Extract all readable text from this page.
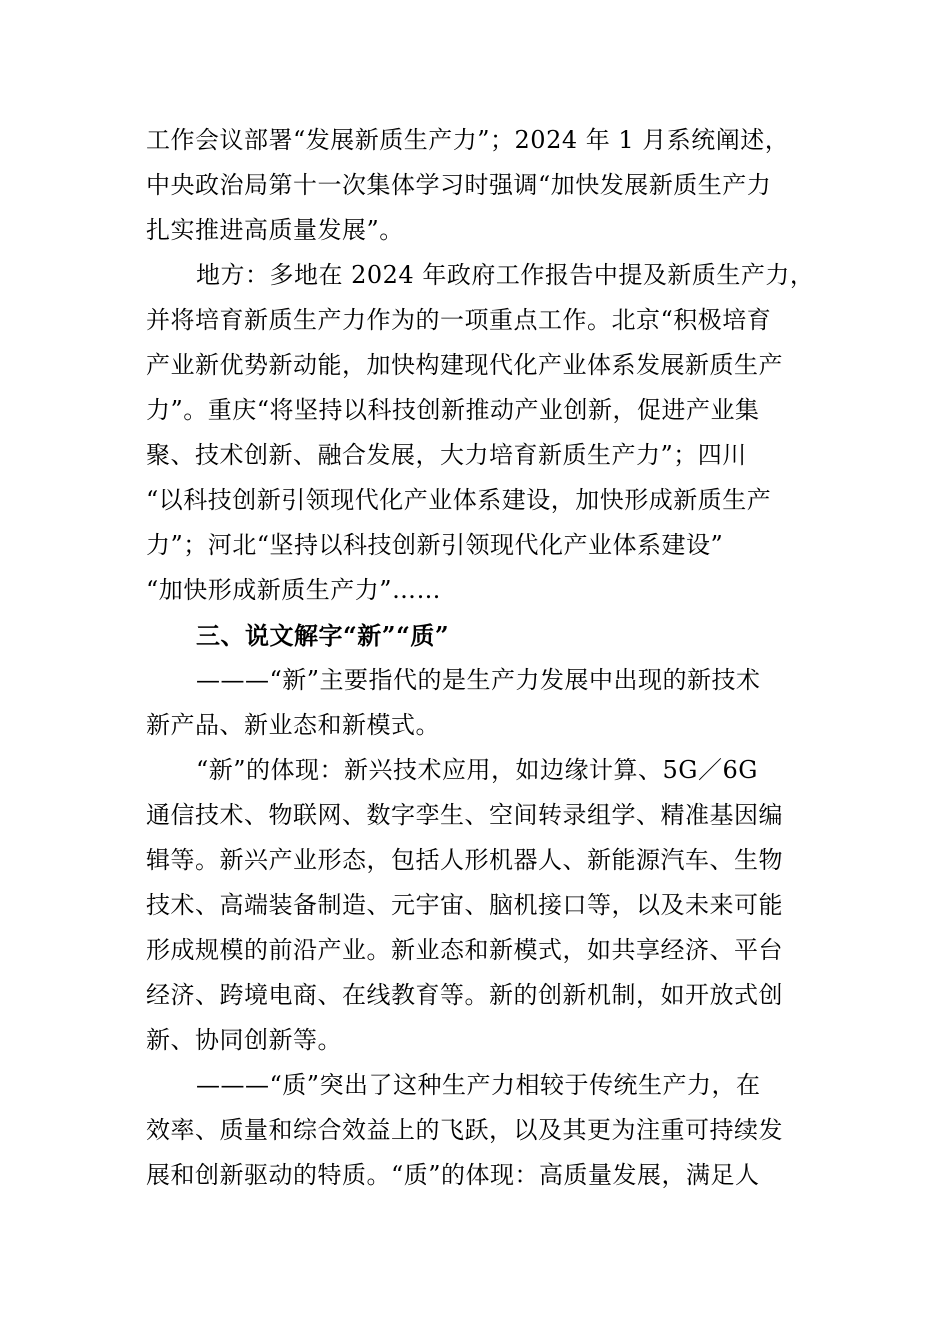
工作会议部署“发展新质生产力”；2024 年 1 月系统阐述，
中央政治局第十一次集体学习时强调“加快发展新质生产力
扎实推进高质量发展”。
地方：多地在 2024 年政府工作报告中提及新质生产力，
并将培育新质生产力作为的一项重点工作。北京“积极培育
产业新优势新动能，加快构建现代化产业体系发展新质生产
力”。重庆“将坚持以科技创新推动产业创新，促进产业集
聚、技术创新、融合发展，大力培育新质生产力”；四川
“以科技创新引领现代化产业体系建设，加快形成新质生产
力”；河北“坚持以科技创新引领现代化产业体系建设”
“加快形成新质生产力”……
三、说文解字“新”“质”
———“新”主要指代的是生产力发展中出现的新技术
新产品、新业态和新模式。
“新”的体现：新兴技术应用，如边缘计算、5G／6G
通信技术、物联网、数字孪生、空间转录组学、精准基因编
辑等。新兴产业形态，包括人形机器人、新能源汽车、生物
技术、高端装备制造、元宇宙、脑机接口等，以及未来可能
形成规模的前沿产业。新业态和新模式，如共享经济、平台
经济、跨境电商、在线教育等。新的创新机制，如开放式创
新、协同创新等。
———“质”突出了这种生产力相较于传统生产力，在
效率、质量和综合效益上的飞跃，以及其更为注重可持续发
展和创新驱动的特质。“质”的体现：高质量发展，满足人
